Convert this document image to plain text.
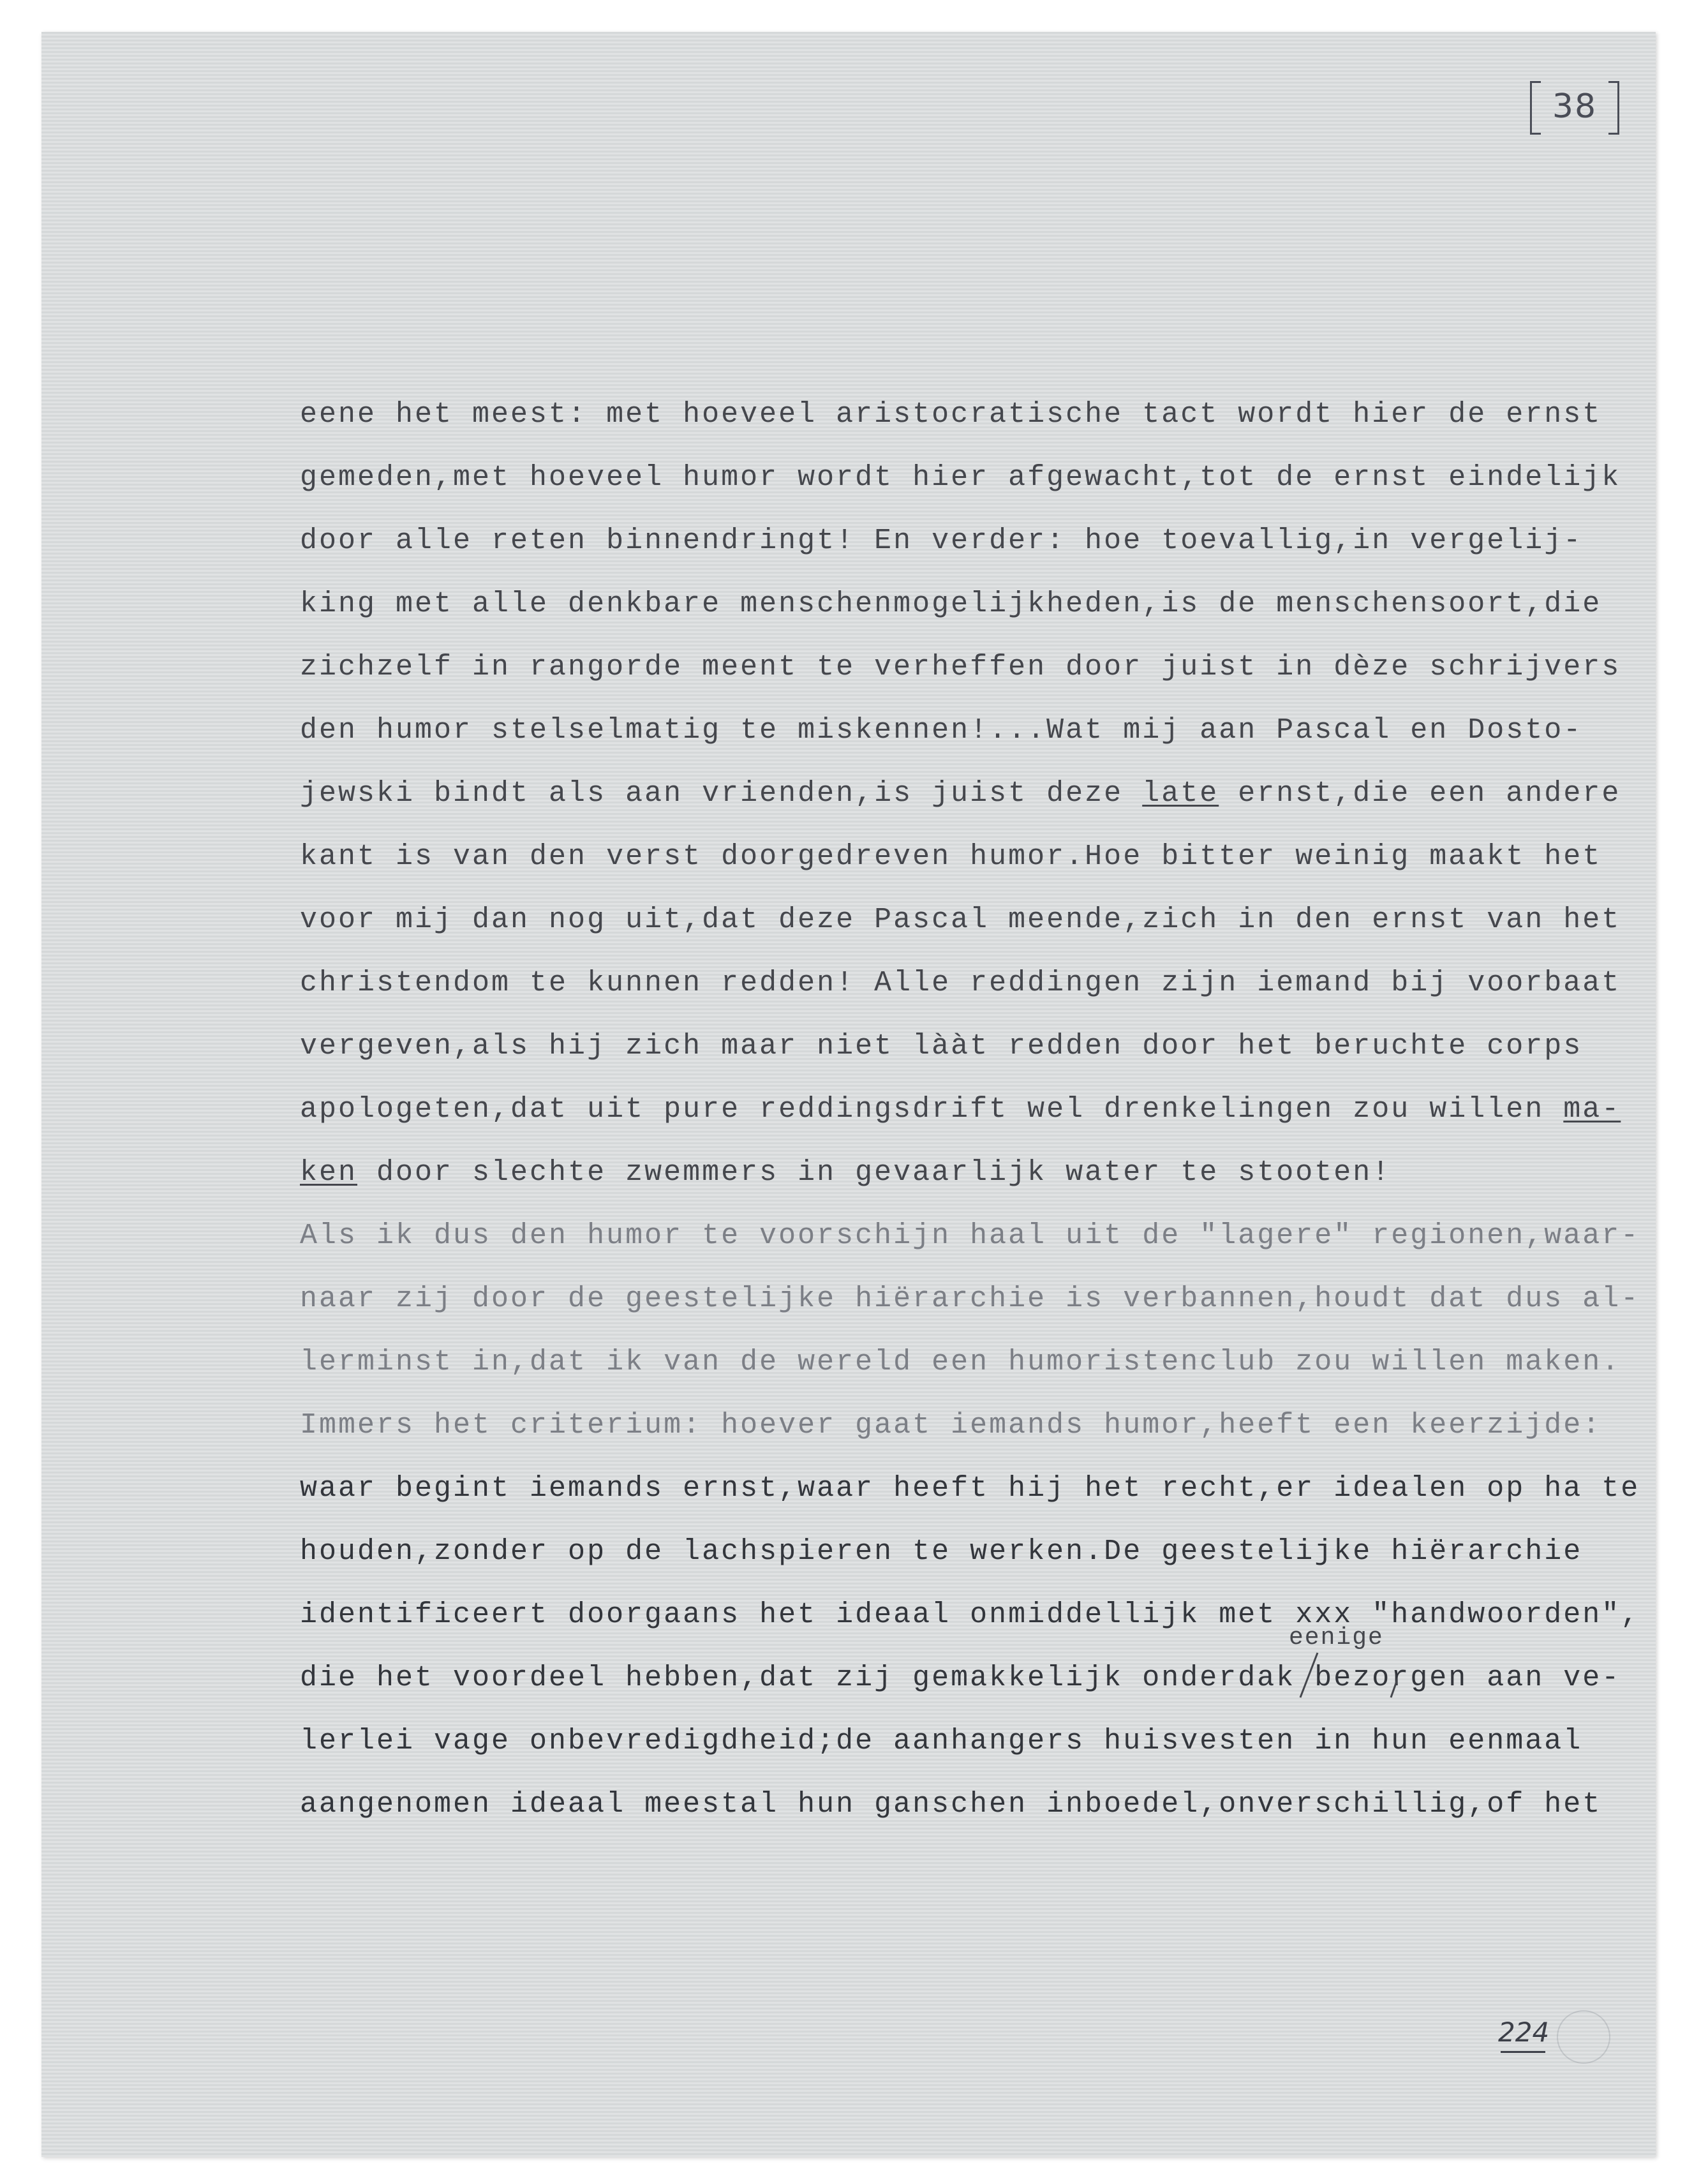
38
eene het meest: met hoeveel aristocratische tact wordt hier de ernst
gemeden,met hoeveel humor wordt hier afgewacht,tot de ernst eindelijk
door alle reten binnendringt! En verder: hoe toevallig,in vergelij-
king met alle denkbare menschenmogelijkheden,is de menschensoort,die
zichzelf in rangorde meent te verheffen door juist in dèze schrijvers
den humor stelselmatig te miskennen!...Wat mij aan Pascal en Dosto-
jewski bindt als aan vrienden,is juist deze late ernst,die een andere
kant is van den verst doorgedreven humor.Hoe bitter weinig maakt het
voor mij dan nog uit,dat deze Pascal meende,zich in den ernst van het
christendom te kunnen redden! Alle reddingen zijn iemand bij voorbaat
vergeven,als hij zich maar niet lààt redden door het beruchte corps
apologeten,dat uit pure reddingsdrift wel drenkelingen zou willen ma-
ken door slechte zwemmers in gevaarlijk water te stooten!
Als ik dus den humor te voorschijn haal uit de "lagere" regionen,waar-
naar zij door de geestelijke hiërarchie is verbannen,houdt dat dus al-
lerminst in,dat ik van de wereld een humoristenclub zou willen maken.
Immers het criterium: hoever gaat iemands humor,heeft een keerzijde:
waar begint iemands ernst,waar heeft hij het recht,er idealen op ha te
houden,zonder op de lachspieren te werken.De geestelijke hiërarchie
identificeert doorgaans het ideaal onmiddellijk met xxx "handwoorden",
die het voordeel hebben,dat zij gemakkelijk onderdak bezorgen aan ve-
lerlei vage onbevredigdheid;de aanhangers huisvesten in hun eenmaal
aangenomen ideaal meestal hun ganschen inboedel,onverschillig,of het
eenige
224
